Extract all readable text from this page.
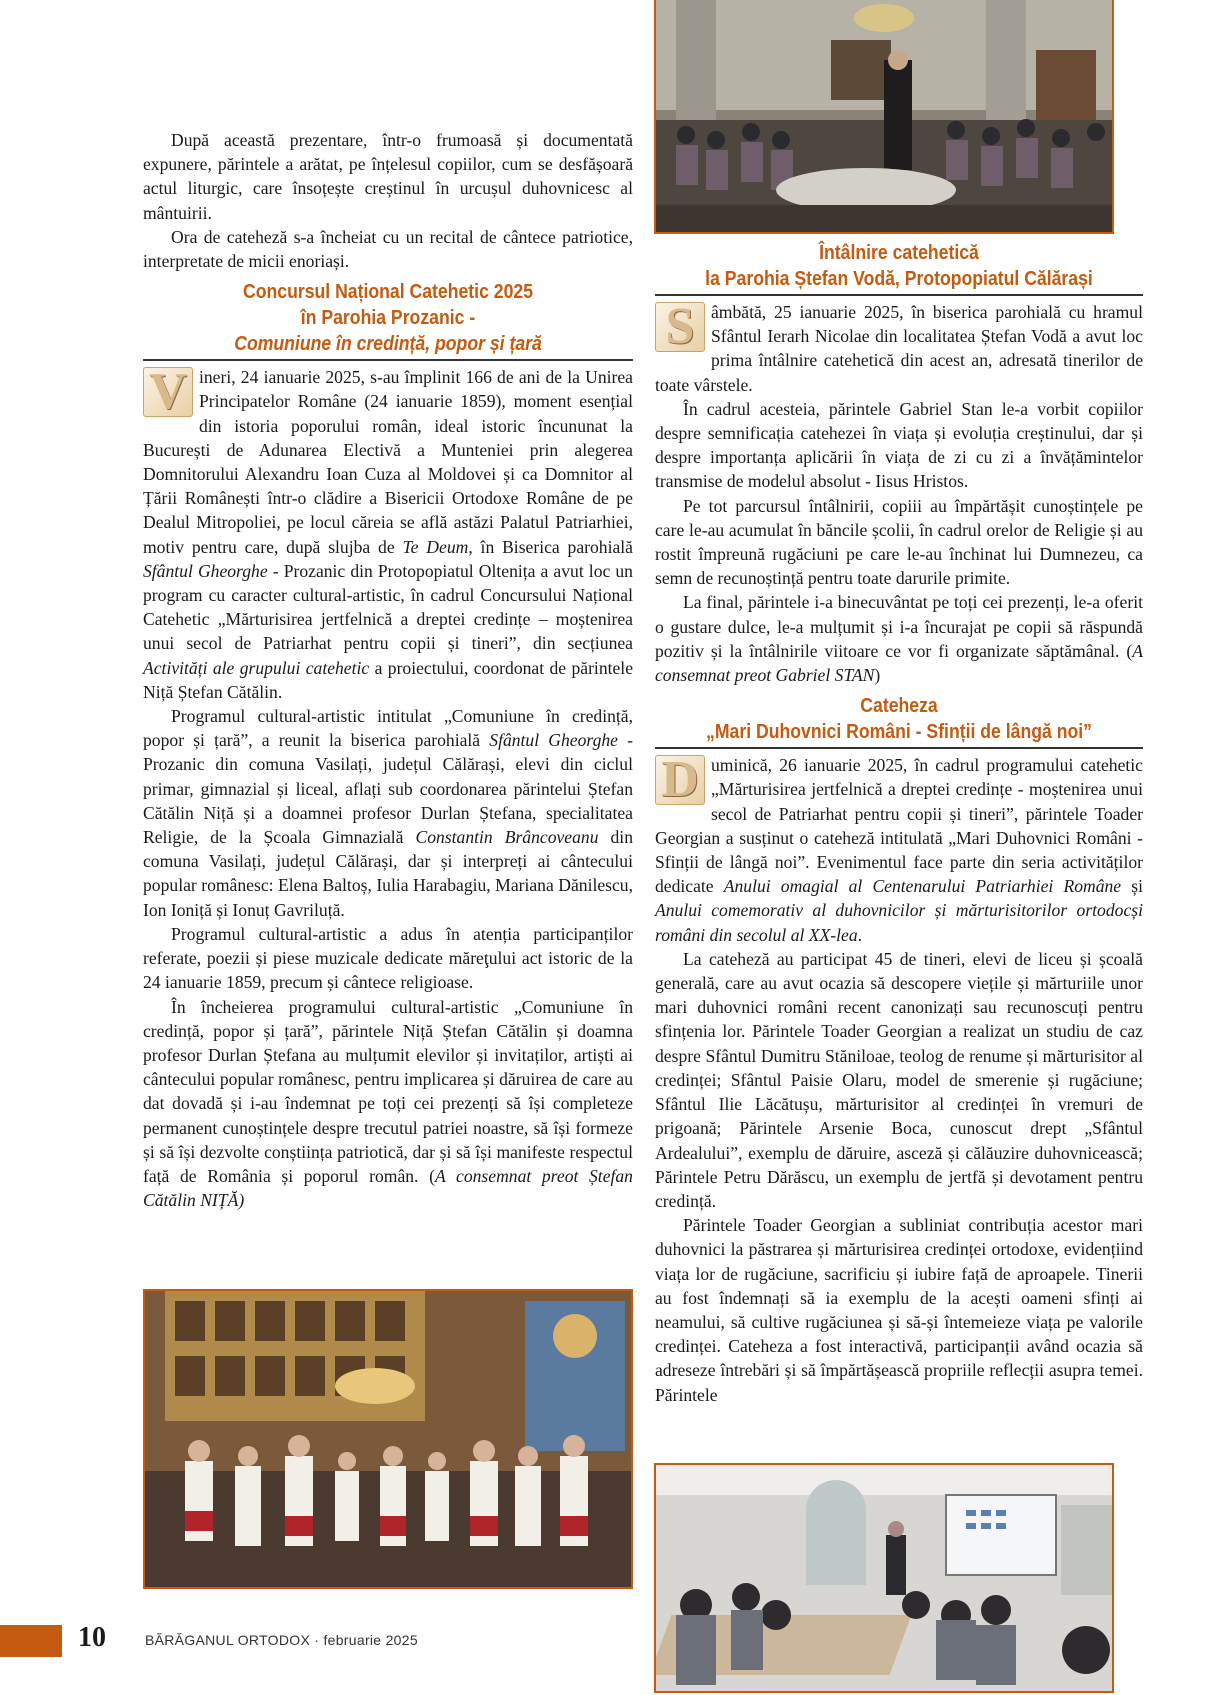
După această prezentare, într-o frumoasă și documentată expunere, părintele a arătat, pe înțelesul copiilor, cum se desfășoară actul liturgic, care însoțește creștinul în urcușul duhovnicesc al mântuirii.

Ora de cateheză s-a încheiat cu un recital de cântece patriotice, interpretate de micii enoriași.

Concursul Național Catehetic 2025
în Parohia Prozanic -
Comuniune în credință, popor și țară

V ineri, 24 ianuarie 2025, s-au împlinit 166 de ani de la Unirea Principatelor Române (24 ianuarie 1859), moment esențial din istoria poporului român, ideal istoric încununat la București de Adunarea Electivă a Munteniei prin alegerea Domnitorului Alexandru Ioan Cuza al Moldovei și ca Domnitor al Țării Românești într-o clădire a Bisericii Ortodoxe Române de pe Dealul Mitropoliei, pe locul căreia se află astăzi Palatul Patriarhiei, motiv pentru care, după slujba de Te Deum, în Biserica parohială Sfântul Gheorghe - Prozanic din Protopopiatul Oltenița a avut loc un program cu caracter cultural-artistic, în cadrul Concursului Național Catehetic „Mărturisirea jertfelnică a dreptei credințe – moștenirea unui secol de Patriarhat pentru copii și tineri”, din secțiunea Activități ale grupului catehetic a proiectului, coordonat de părintele Niță Ștefan Cătălin.

Programul cultural-artistic intitulat „Comuniune în credință, popor și țară”, a reunit la biserica parohială Sfântul Gheorghe - Prozanic din comuna Vasilați, județul Călărași, elevi din ciclul primar, gimnazial și liceal, aflați sub coordonarea părintelui Ștefan Cătălin Niță și a doamnei profesor Durlan Ștefana, specialitatea Religie, de la Școala Gimnazială Constantin Brâncoveanu din comuna Vasilați, județul Călărași, dar și interpreți ai cântecului popular românesc: Elena Baltoș, Iulia Harabagiu, Mariana Dănilescu, Ion Ioniță și Ionuț Gavriluță.

Programul cultural-artistic a adus în atenția participanților referate, poezii și piese muzicale dedicate măreţului act istoric de la 24 ianuarie 1859, precum și cântece religioase.

În încheierea programului cultural-artistic „Comuniune în credință, popor și țară”, părintele Niță Ștefan Cătălin și doamna profesor Durlan Ștefana au mulțumit elevilor și invitaților, artiști ai cântecului popular românesc, pentru implicarea și dăruirea de care au dat dovadă și i-au îndemnat pe toți cei prezenți să își completeze permanent cunoștințele despre trecutul patriei noastre, să își formeze și să își dezvolte conștiința patriotică, dar și să își manifeste respectul față de România și poporul român. (A consemnat preot Ștefan Cătălin NIȚĂ)

Întâlnire catehetică
la Parohia Ștefan Vodă, Protopopiatul Călărași

S âmbătă, 25 ianuarie 2025, în biserica parohială cu hramul Sfântul Ierarh Nicolae din localitatea Ștefan Vodă a avut loc prima întâlnire catehetică din acest an, adresată tinerilor de toate vârstele.

În cadrul acesteia, părintele Gabriel Stan le-a vorbit copiilor despre semnificația catehezei în viața și evoluția creștinului, dar și despre importanța aplicării în viața de zi cu zi a învățămintelor transmise de modelul absolut - Iisus Hristos.

Pe tot parcursul întâlnirii, copiii au împărtășit cunoștințele pe care le-au acumulat în băncile școlii, în cadrul orelor de Religie și au rostit împreună rugăciuni pe care le-au închinat lui Dumnezeu, ca semn de recunoștință pentru toate darurile primite.

La final, părintele i-a binecuvântat pe toți cei prezenți, le-a oferit o gustare dulce, le-a mulțumit și i-a încurajat pe copii să răspundă pozitiv și la întâlnirile viitoare ce vor fi organizate săptămânal. (A consemnat preot Gabriel STAN)

Cateheza
„Mari Duhovnici Români - Sfinții de lângă noi”

D uminică, 26 ianuarie 2025, în cadrul programului catehetic „Mărturisirea jertfelnică a dreptei credințe - moștenirea unui secol de Patriarhat pentru copii și tineri”, părintele Toader Georgian a susținut o cateheză intitulată „Mari Duhovnici Români - Sfinții de lângă noi”. Evenimentul face parte din seria activităților dedicate Anului omagial al Centenarului Patriarhiei Române și Anului comemorativ al duhovnicilor și mărturisitorilor ortodocși români din secolul al XX-lea.

La cateheză au participat 45 de tineri, elevi de liceu și școală generală, care au avut ocazia să descopere viețile și mărturiile unor mari duhovnici români recent canonizați sau recunoscuți pentru sfințenia lor. Părintele Toader Georgian a realizat un studiu de caz despre Sfântul Dumitru Stăniloae, teolog de renume și mărturisitor al credinței; Sfântul Paisie Olaru, model de smerenie și rugăciune; Sfântul Ilie Lăcătușu, mărturisitor al credinței în vremuri de prigoană; Părintele Arsenie Boca, cunoscut drept „Sfântul Ardealului”, exemplu de dăruire, asceză și călăuzire duhovnicească; Părintele Petru Dărăscu, un exemplu de jertfă și devotament pentru credință.

Părintele Toader Georgian a subliniat contribuția acestor mari duhovnici la păstrarea și mărturisirea credinței ortodoxe, evidențiind viața lor de rugăciune, sacrificiu și iubire față de aproapele. Tinerii au fost îndemnați să ia exemplu de la acești oameni sfinți ai neamului, să cultive rugăciunea și să-și întemeieze viața pe valorile credinței. Cateheza a fost interactivă, participanții având ocazia să adreseze întrebări și să împărtășească propriile reflecții asupra temei. Părintele

10	BĂRĂGANUL ORTODOX · februarie 2025
